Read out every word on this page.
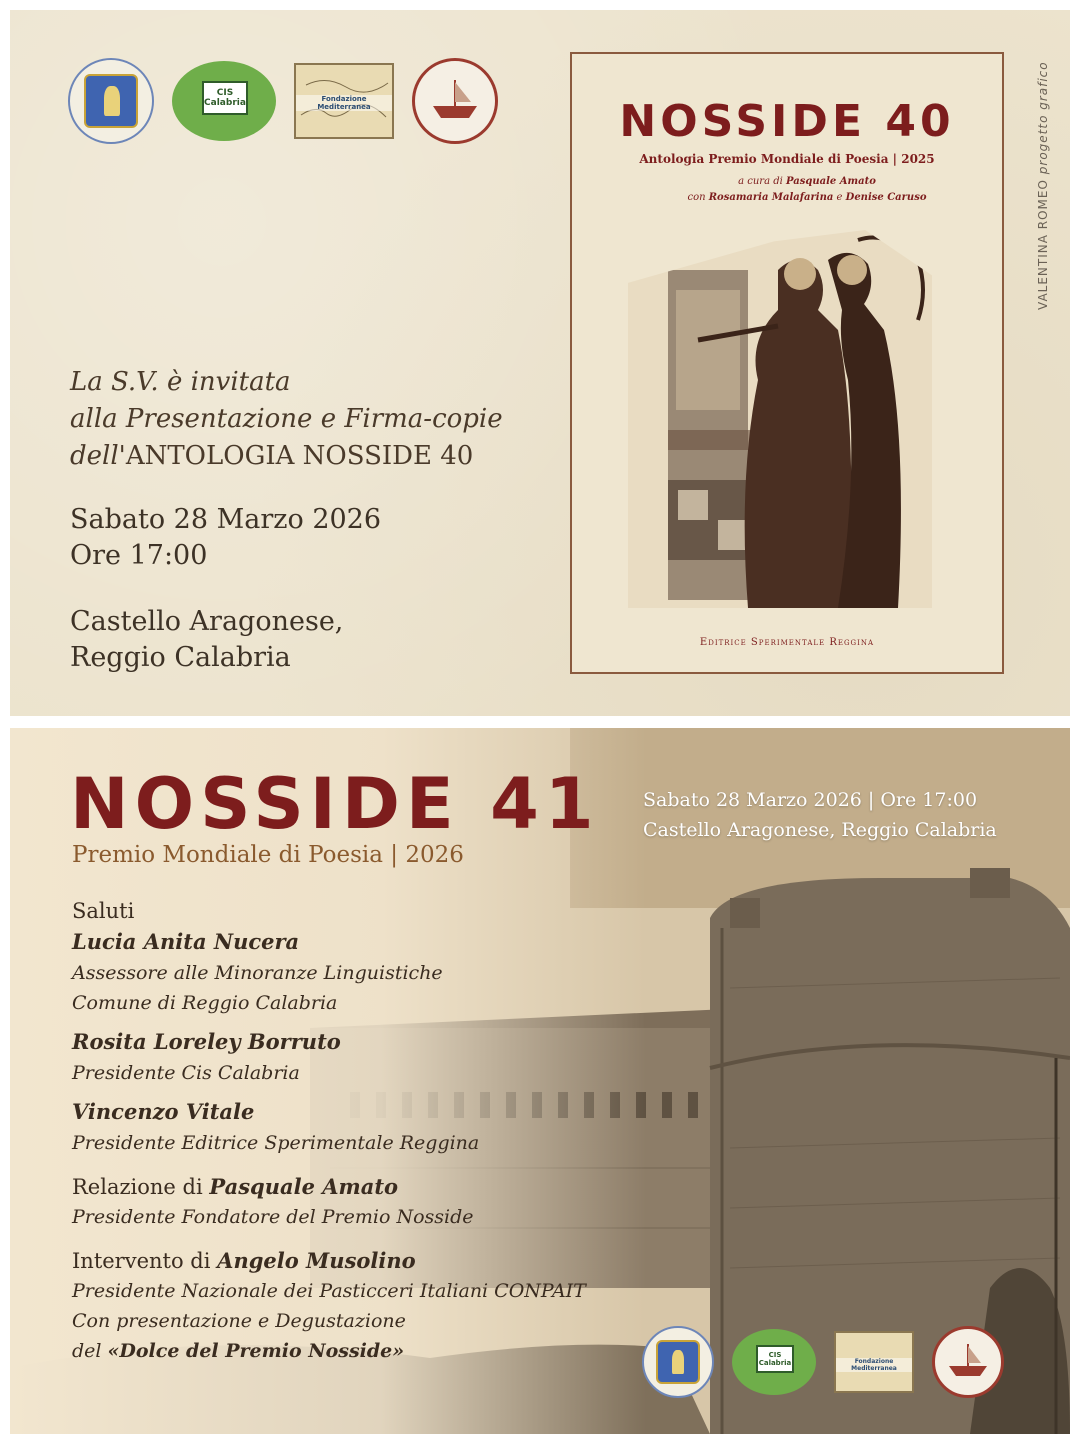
CIS Calabria	Fondazione Mediterranea
La S.V. è invitata
alla Presentazione e Firma-copie
dell'ANTOLOGIA NOSSIDE 40
Sabato 28 Marzo 2026
Ore 17:00
Castello Aragonese,
Reggio Calabria
NOSSIDE 40
Antologia Premio Mondiale di Poesia | 2025
a cura di Pasquale Amato
con Rosamaria Malafarina e Denise Caruso
Editrice Sperimentale Reggina
VALENTINA ROMEO progetto grafico
NOSSIDE 41
Premio Mondiale di Poesia | 2026
Sabato 28 Marzo 2026 | Ore 17:00
Castello Aragonese, Reggio Calabria
Saluti
Lucia Anita Nucera
Assessore alle Minoranze Linguistiche
Comune di Reggio Calabria
Rosita Loreley Borruto
Presidente Cis Calabria
Vincenzo Vitale
Presidente Editrice Sperimentale Reggina
Relazione di Pasquale Amato
Presidente Fondatore del Premio Nosside
Intervento di Angelo Musolino
Presidente Nazionale dei Pasticceri Italiani CONPAIT
Con presentazione e Degustazione
del «Dolce del Premio Nosside»	CIS Calabria	Fondazione Mediterranea
